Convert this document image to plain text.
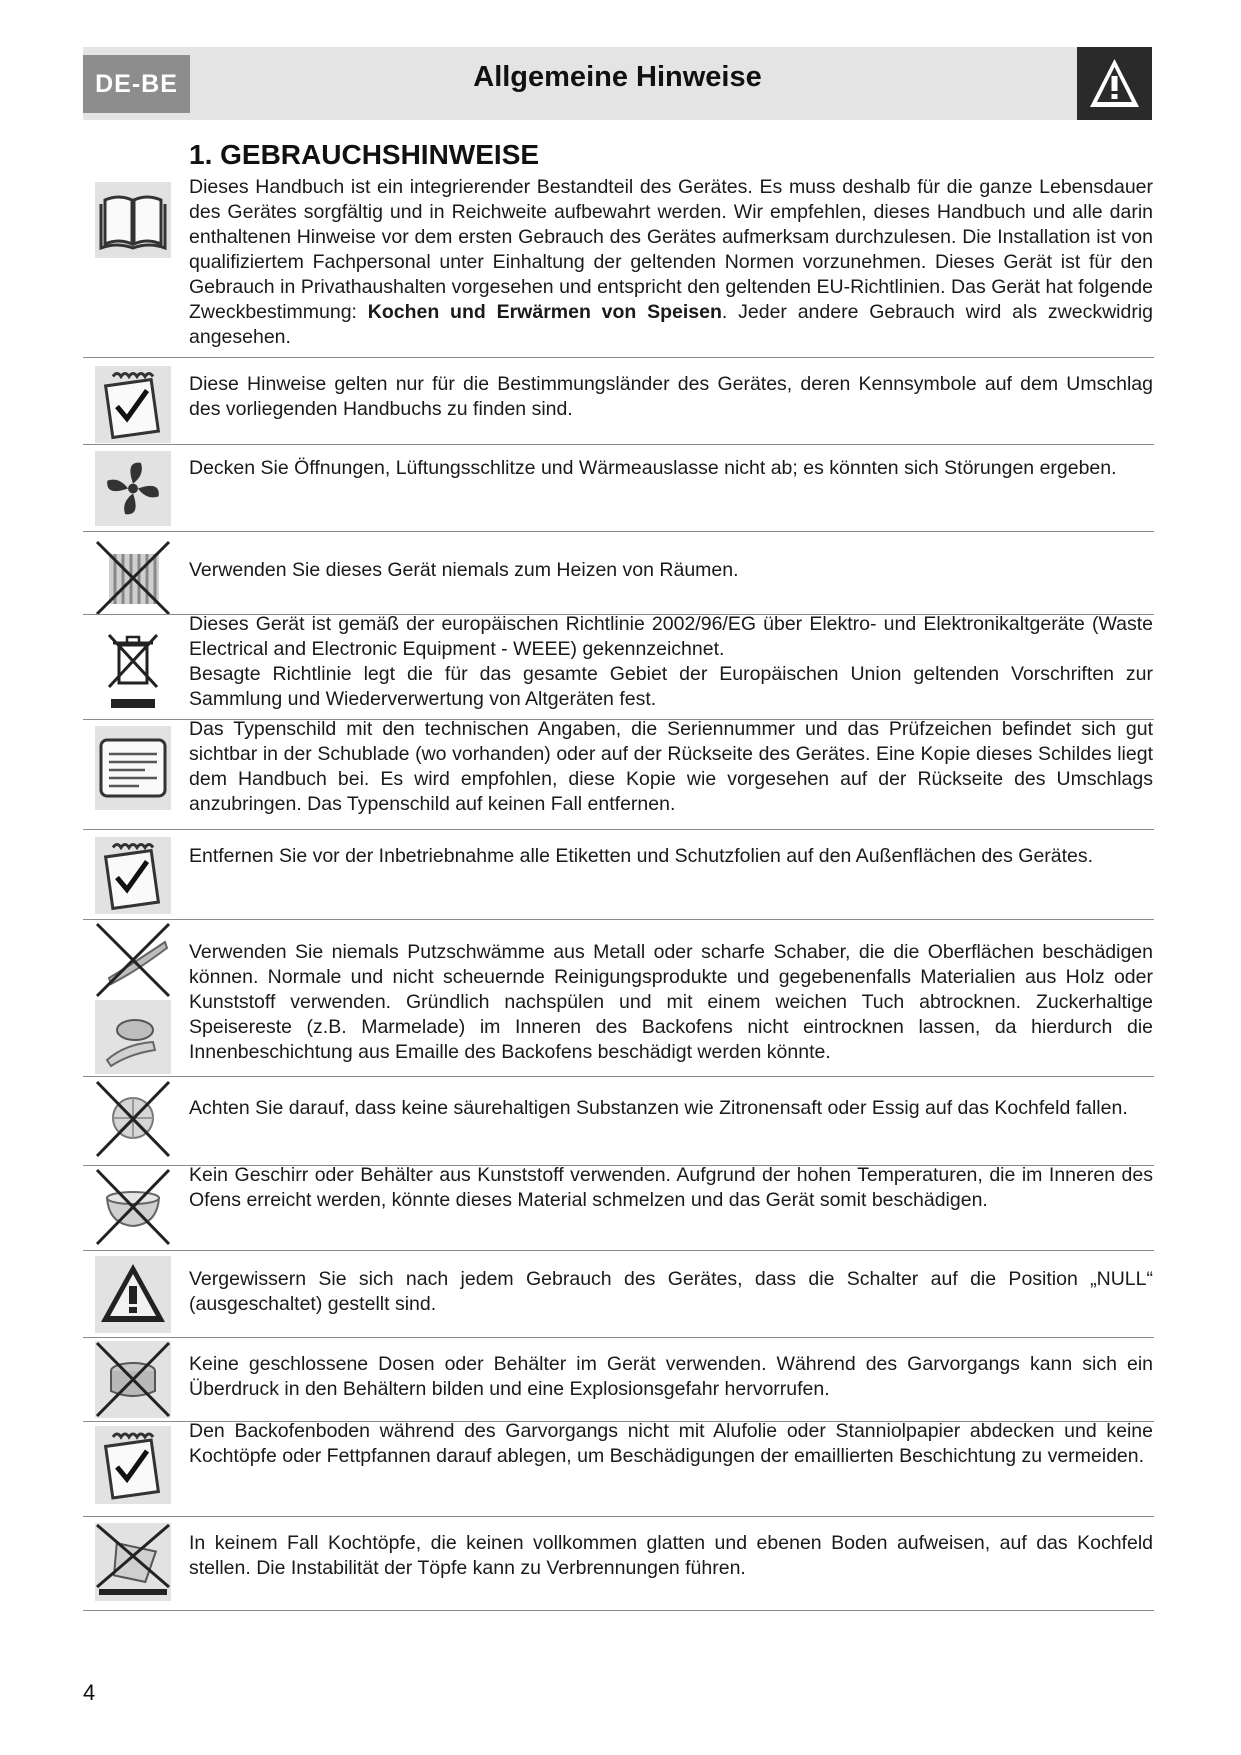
DE-BE	Allgemeine Hinweise
1. GEBRAUCHSHINWEISE
Dieses Handbuch ist ein integrierender Bestandteil des Gerätes. Es muss deshalb für die ganze Lebensdauer des Gerätes sorgfältig und in Reichweite aufbewahrt werden. Wir empfehlen, dieses Handbuch und alle darin enthaltenen Hinweise vor dem ersten Gebrauch des Gerätes aufmerksam durchzulesen. Die Installation ist von qualifiziertem Fachpersonal unter Einhaltung der geltenden Normen vorzunehmen. Dieses Gerät ist für den Gebrauch in Privathaushalten vorgesehen und entspricht den geltenden EU-Richtlinien. Das Gerät hat folgende Zweckbestimmung: Kochen und Erwärmen von Speisen. Jeder andere Gebrauch wird als zweckwidrig angesehen.
Diese Hinweise gelten nur für die Bestimmungsländer des Gerätes, deren Kennsymbole auf dem Umschlag des vorliegenden Handbuchs zu finden sind.
Decken Sie Öffnungen, Lüftungsschlitze und Wärmeauslasse nicht ab; es könnten sich Störungen ergeben.
Verwenden Sie dieses Gerät niemals zum Heizen von Räumen.
Dieses Gerät ist gemäß der europäischen Richtlinie 2002/96/EG über Elektro- und Elektronikaltgeräte (Waste Electrical and Electronic Equipment - WEEE) gekennzeichnet.
Besagte Richtlinie legt die für das gesamte Gebiet der Europäischen Union geltenden Vorschriften zur Sammlung und Wiederverwertung von Altgeräten fest.
Das Typenschild mit den technischen Angaben, die Seriennummer und das Prüfzeichen befindet sich gut sichtbar in der Schublade (wo vorhanden) oder auf der Rückseite des Gerätes. Eine Kopie dieses Schildes liegt dem Handbuch bei. Es wird empfohlen, diese Kopie wie vorgesehen auf der Rückseite des Umschlags anzubringen. Das Typenschild auf keinen Fall entfernen.
Entfernen Sie vor der Inbetriebnahme alle Etiketten und Schutzfolien auf den Außenflächen des Gerätes.
Verwenden Sie niemals Putzschwämme aus Metall oder scharfe Schaber, die die Oberflächen beschädigen können. Normale und nicht scheuernde Reinigungsprodukte und gegebenenfalls Materialien aus Holz oder Kunststoff verwenden. Gründlich nachspülen und mit einem weichen Tuch abtrocknen. Zuckerhaltige Speisereste (z.B. Marmelade) im Inneren des Backofens nicht eintrocknen lassen, da hierdurch die Innenbeschichtung aus Emaille des Backofens beschädigt werden könnte.
Achten Sie darauf, dass keine säurehaltigen Substanzen wie Zitronensaft oder Essig auf das Kochfeld fallen.
Kein Geschirr oder Behälter aus Kunststoff verwenden. Aufgrund der hohen Temperaturen, die im Inneren des Ofens erreicht werden, könnte dieses Material schmelzen und das Gerät somit beschädigen.
Vergewissern Sie sich nach jedem Gebrauch des Gerätes, dass die Schalter auf die Position „NULL“ (ausgeschaltet) gestellt sind.
Keine geschlossene Dosen oder Behälter im Gerät verwenden. Während des Garvorgangs kann sich ein Überdruck in den Behältern bilden und eine Explosionsgefahr hervorrufen.
Den Backofenboden während des Garvorgangs nicht mit Alufolie oder Stanniolpapier abdecken und keine Kochtöpfe oder Fettpfannen darauf ablegen, um Beschädigungen der emaillierten Beschichtung zu vermeiden.
In keinem Fall Kochtöpfe, die keinen vollkommen glatten und ebenen Boden aufweisen, auf das Kochfeld stellen. Die Instabilität der Töpfe kann zu Verbrennungen führen.
4
